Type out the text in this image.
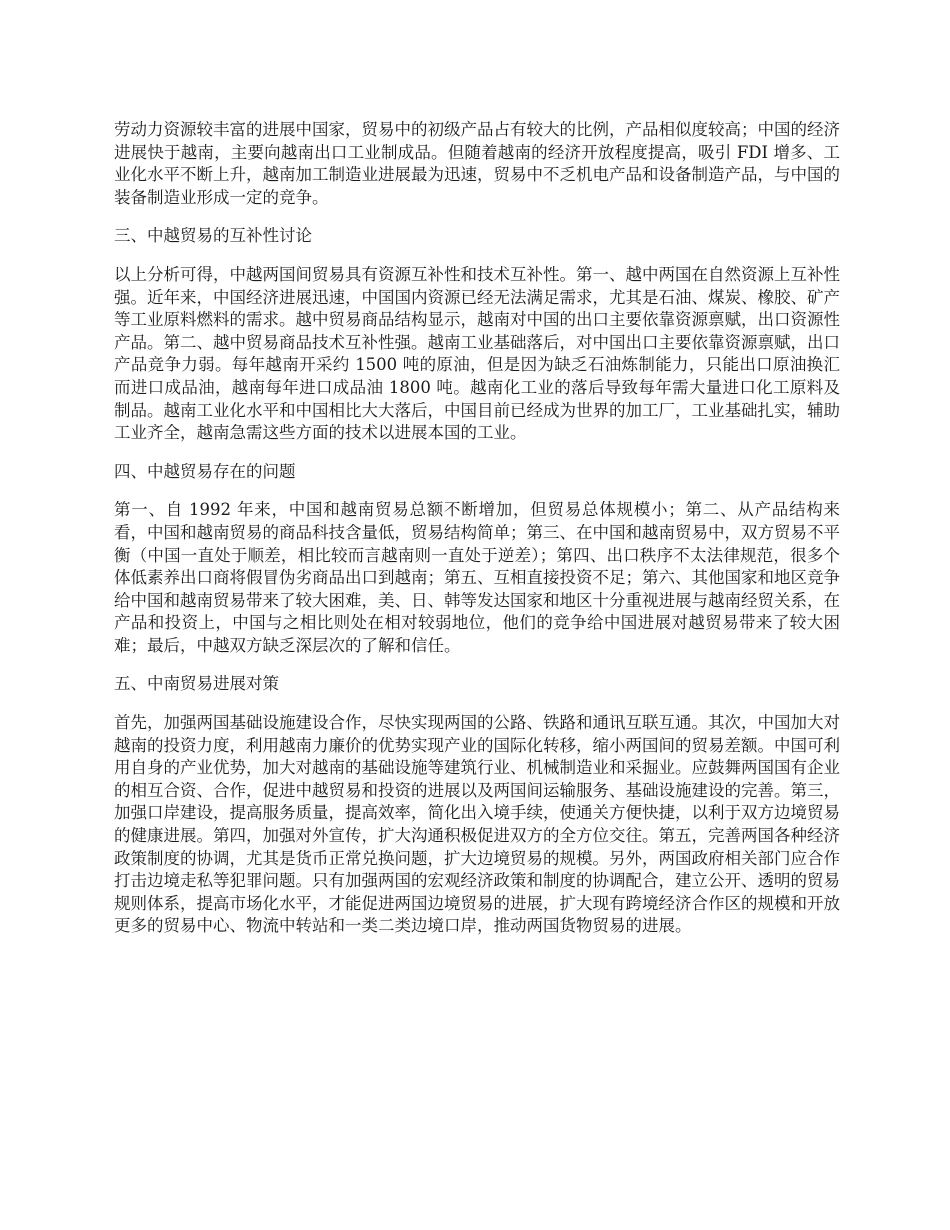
劳动力资源较丰富的进展中国家，贸易中的初级产品占有较大的比例，产品相似度较高；中国的经济进展快于越南，主要向越南出口工业制成品。但随着越南的经济开放程度提高，吸引 FDI 增多、工业化水平不断上升，越南加工制造业进展最为迅速，贸易中不乏机电产品和设备制造产品，与中国的装备制造业形成一定的竞争。

三、中越贸易的互补性讨论

以上分析可得，中越两国间贸易具有资源互补性和技术互补性。第一、越中两国在自然资源上互补性强。近年来，中国经济进展迅速，中国国内资源已经无法满足需求，尤其是石油、煤炭、橡胶、矿产等工业原料燃料的需求。越中贸易商品结构显示，越南对中国的出口主要依靠资源禀赋，出口资源性产品。第二、越中贸易商品技术互补性强。越南工业基础落后，对中国出口主要依靠资源禀赋，出口产品竞争力弱。每年越南开采约 1500 吨的原油，但是因为缺乏石油炼制能力，只能出口原油换汇而进口成品油，越南每年进口成品油 1800 吨。越南化工业的落后导致每年需大量进口化工原料及制品。越南工业化水平和中国相比大大落后，中国目前已经成为世界的加工厂，工业基础扎实，辅助工业齐全，越南急需这些方面的技术以进展本国的工业。

四、中越贸易存在的问题

第一、自 1992 年来，中国和越南贸易总额不断增加，但贸易总体规模小；第二、从产品结构来看，中国和越南贸易的商品科技含量低，贸易结构简单；第三、在中国和越南贸易中，双方贸易不平衡（中国一直处于顺差，相比较而言越南则一直处于逆差）；第四、出口秩序不太法律规范，很多个体低素养出口商将假冒伪劣商品出口到越南；第五、互相直接投资不足；第六、其他国家和地区竞争给中国和越南贸易带来了较大困难，美、日、韩等发达国家和地区十分重视进展与越南经贸关系，在产品和投资上，中国与之相比则处在相对较弱地位，他们的竞争给中国进展对越贸易带来了较大困难；最后，中越双方缺乏深层次的了解和信任。

五、中南贸易进展对策

首先，加强两国基础设施建设合作，尽快实现两国的公路、铁路和通讯互联互通。其次，中国加大对越南的投资力度，利用越南力廉价的优势实现产业的国际化转移，缩小两国间的贸易差额。中国可利用自身的产业优势，加大对越南的基础设施等建筑行业、机械制造业和采掘业。应鼓舞两国国有企业的相互合资、合作，促进中越贸易和投资的进展以及两国间运输服务、基础设施建设的完善。第三，加强口岸建设，提高服务质量，提高效率，简化出入境手续，使通关方便快捷，以利于双方边境贸易的健康进展。第四，加强对外宣传，扩大沟通积极促进双方的全方位交往。第五，完善两国各种经济政策制度的协调，尤其是货币正常兑换问题，扩大边境贸易的规模。另外，两国政府相关部门应合作打击边境走私等犯罪问题。只有加强两国的宏观经济政策和制度的协调配合，建立公开、透明的贸易规则体系，提高市场化水平，才能促进两国边境贸易的进展，扩大现有跨境经济合作区的规模和开放更多的贸易中心、物流中转站和一类二类边境口岸，推动两国货物贸易的进展。
